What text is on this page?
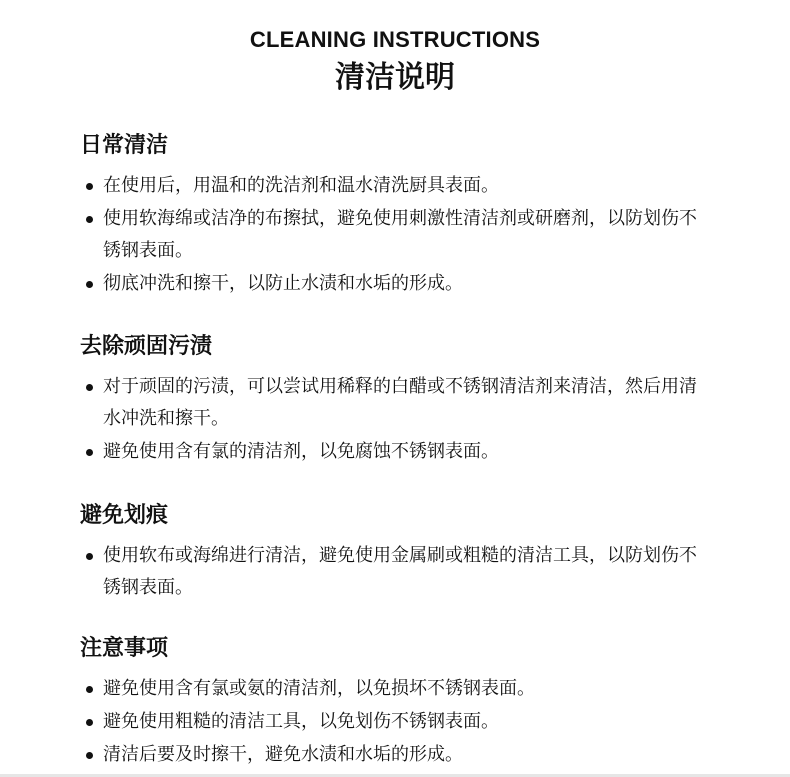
CLEANING INSTRUCTIONS
清洁说明
日常清洁
在使用后，用温和的洗洁剂和温水清洗厨具表面。
使用软海绵或洁净的布擦拭，避免使用刺激性清洁剂或研磨剂，以防划伤不锈钢表面。
彻底冲洗和擦干，以防止水渍和水垢的形成。
去除顽固污渍
对于顽固的污渍，可以尝试用稀释的白醋或不锈钢清洁剂来清洁，然后用清水冲洗和擦干。
避免使用含有氯的清洁剂，以免腐蚀不锈钢表面。
避免划痕
使用软布或海绵进行清洁，避免使用金属刷或粗糙的清洁工具，以防划伤不锈钢表面。
注意事项
避免使用含有氯或氨的清洁剂，以免损坏不锈钢表面。
避免使用粗糙的清洁工具，以免划伤不锈钢表面。
清洁后要及时擦干，避免水渍和水垢的形成。
